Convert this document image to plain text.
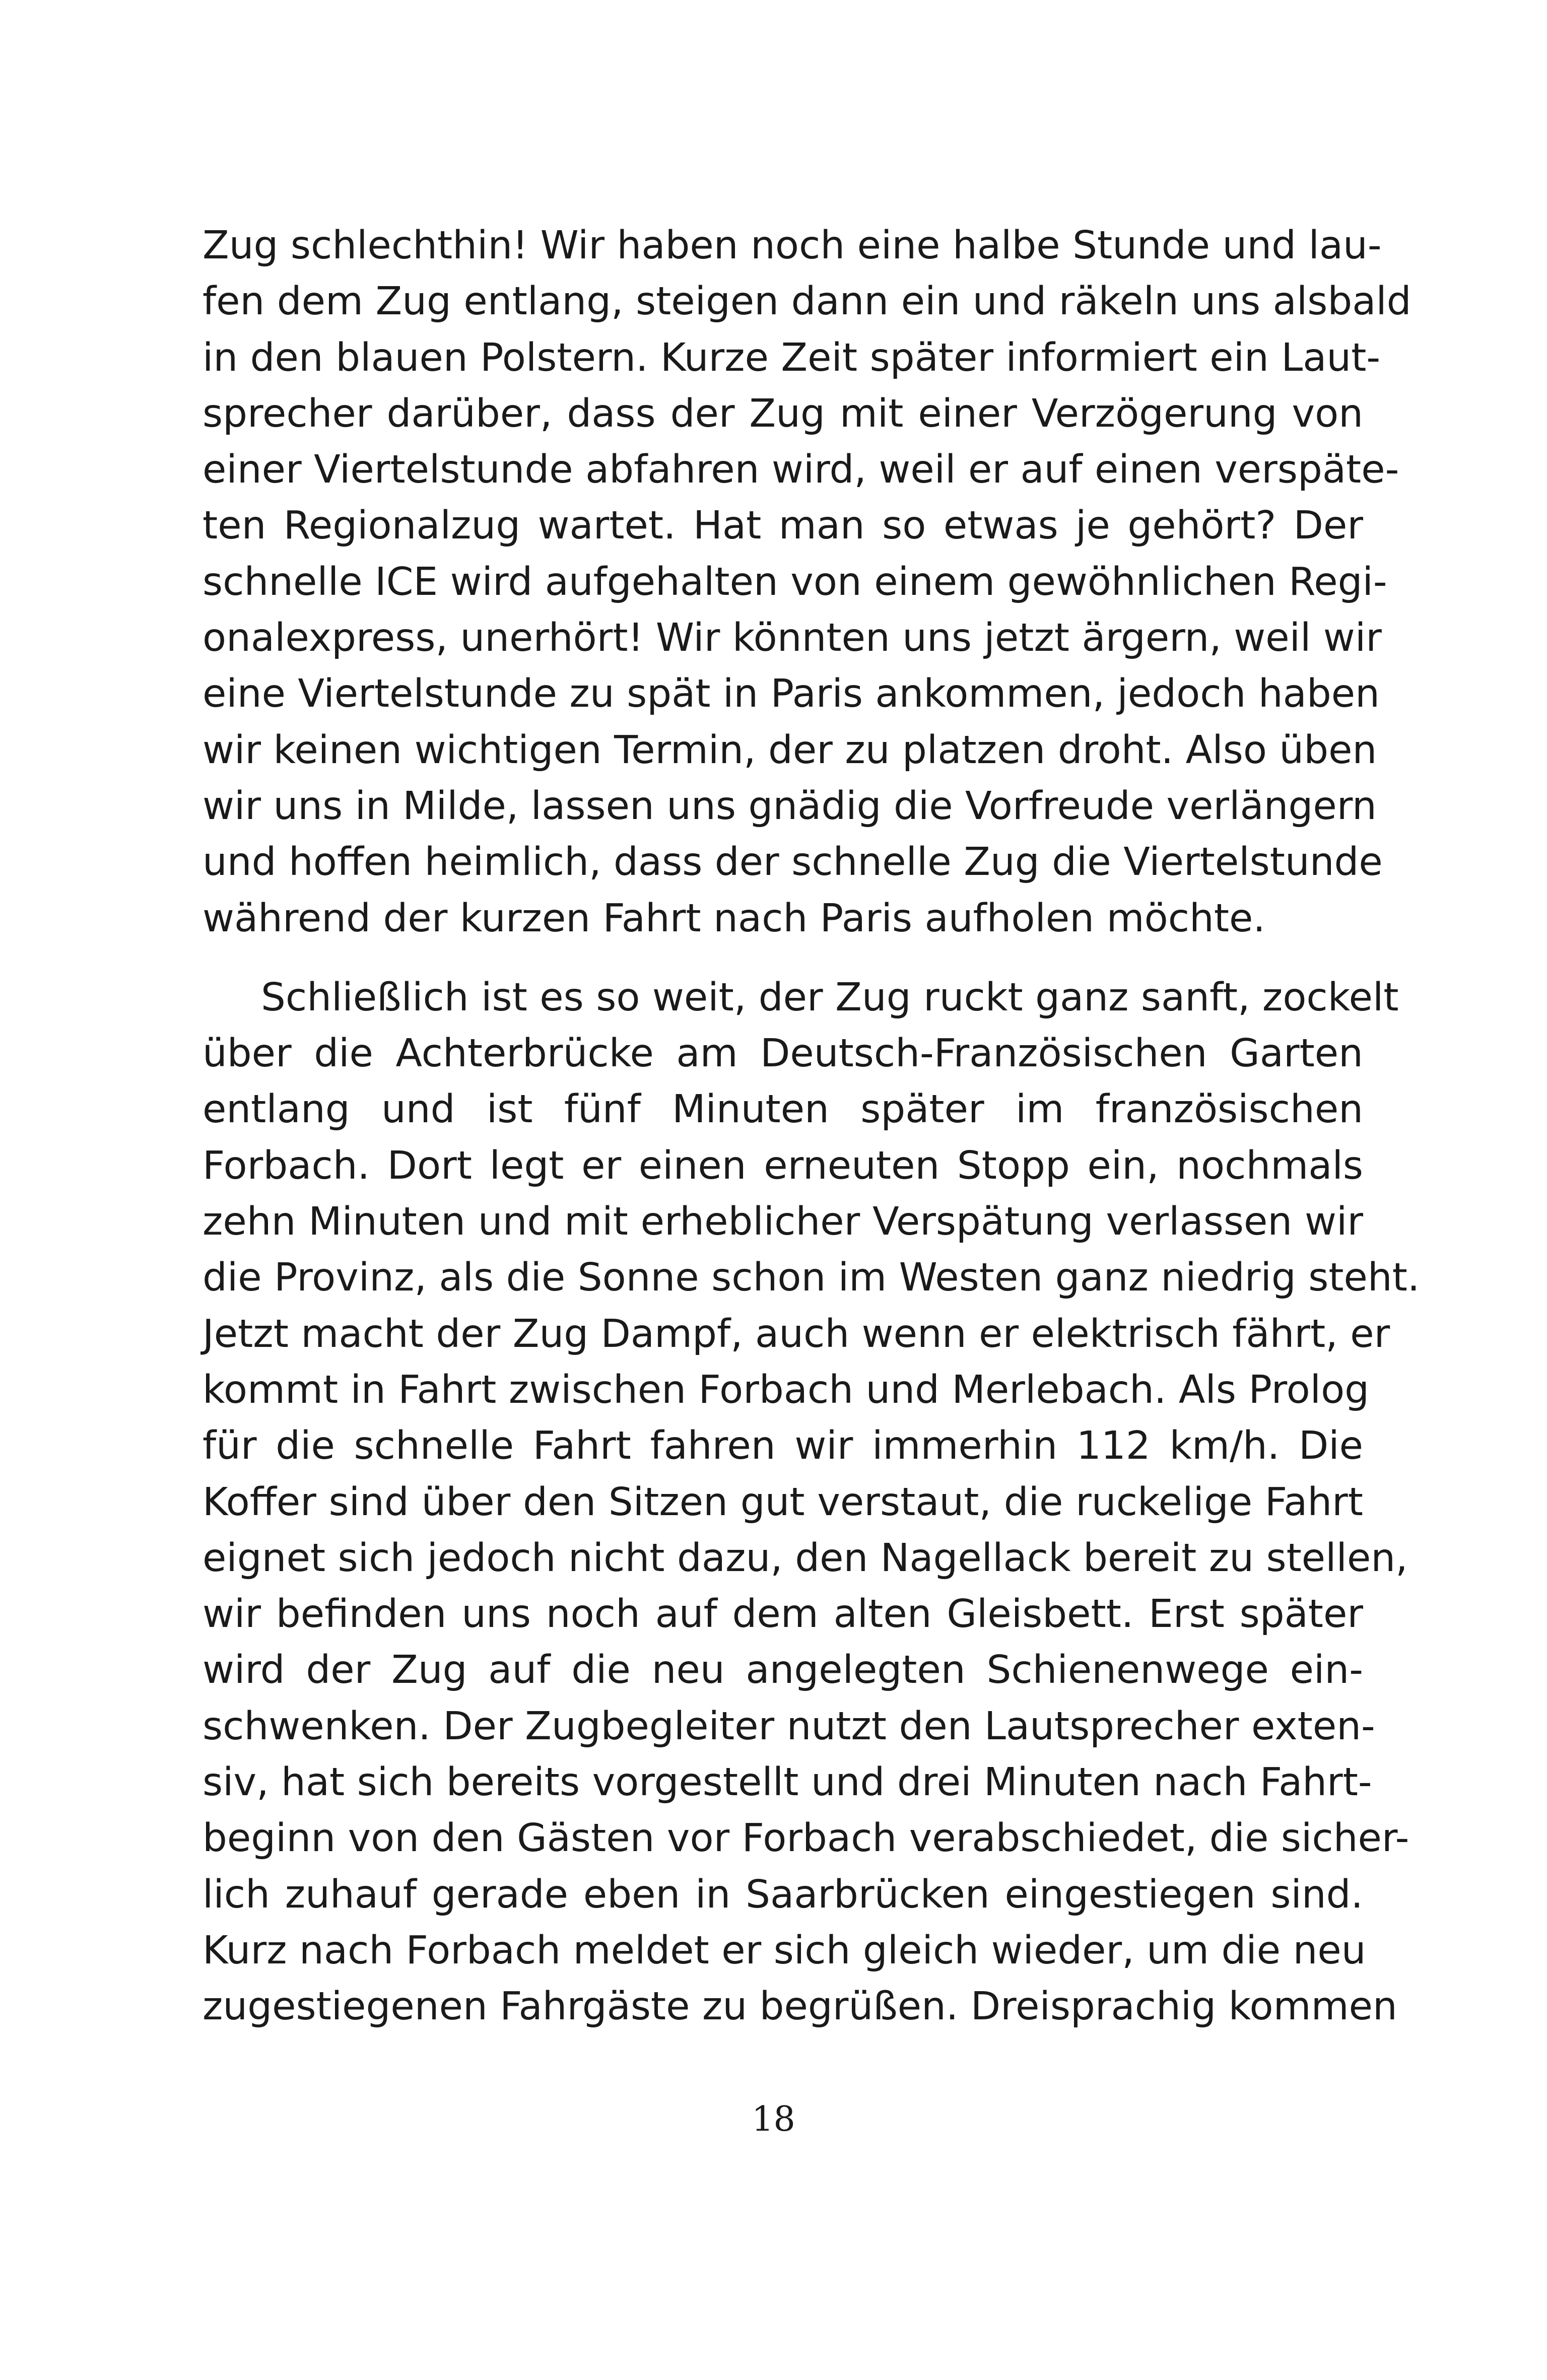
Zug schlechthin! Wir haben noch eine halbe Stunde und lau-
fen dem Zug entlang, steigen dann ein und räkeln uns alsbald
in den blauen Polstern. Kurze Zeit später informiert ein Laut-
sprecher darüber, dass der Zug mit einer Verzögerung von
einer Viertelstunde abfahren wird, weil er auf einen verspäte-
ten Regionalzug wartet. Hat man so etwas je gehört? Der
schnelle ICE wird aufgehalten von einem gewöhnlichen Regi-
onalexpress, unerhört! Wir könnten uns jetzt ärgern, weil wir
eine Viertelstunde zu spät in Paris ankommen, jedoch haben
wir keinen wichtigen Termin, der zu platzen droht. Also üben
wir uns in Milde, lassen uns gnädig die Vorfreude verlängern
und hoffen heimlich, dass der schnelle Zug die Viertelstunde
während der kurzen Fahrt nach Paris aufholen möchte.
Schließlich ist es so weit, der Zug ruckt ganz sanft, zockelt
über die Achterbrücke am Deutsch-Französischen Garten
entlang und ist fünf Minuten später im französischen
Forbach. Dort legt er einen erneuten Stopp ein, nochmals
zehn Minuten und mit erheblicher Verspätung verlassen wir
die Provinz, als die Sonne schon im Westen ganz niedrig steht.
Jetzt macht der Zug Dampf, auch wenn er elektrisch fährt, er
kommt in Fahrt zwischen Forbach und Merlebach. Als Prolog
für die schnelle Fahrt fahren wir immerhin 112 km/h. Die
Koffer sind über den Sitzen gut verstaut, die ruckelige Fahrt
eignet sich jedoch nicht dazu, den Nagellack bereit zu stellen,
wir befinden uns noch auf dem alten Gleisbett. Erst später
wird der Zug auf die neu angelegten Schienenwege ein-
schwenken. Der Zugbegleiter nutzt den Lautsprecher exten-
siv, hat sich bereits vorgestellt und drei Minuten nach Fahrt-
beginn von den Gästen vor Forbach verabschiedet, die sicher-
lich zuhauf gerade eben in Saarbrücken eingestiegen sind.
Kurz nach Forbach meldet er sich gleich wieder, um die neu
zugestiegenen Fahrgäste zu begrüßen. Dreisprachig kommen
18
